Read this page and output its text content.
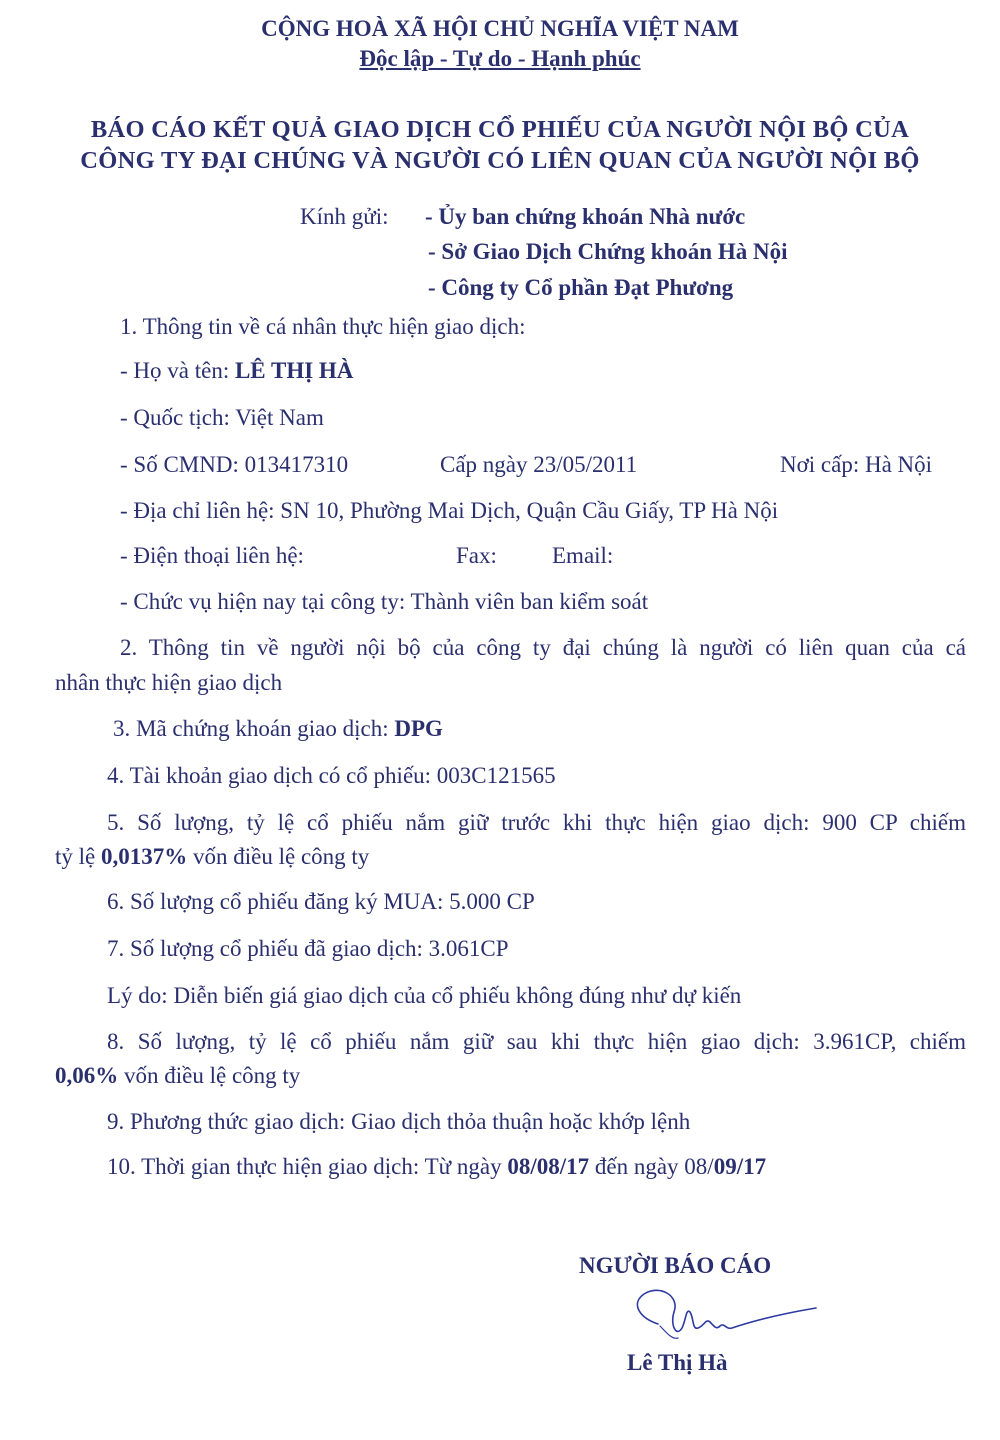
CỘNG HOÀ XÃ HỘI CHỦ NGHĨA VIỆT NAM
Độc lập - Tự do - Hạnh phúc
BÁO CÁO KẾT QUẢ GIAO DỊCH CỔ PHIẾU CỦA NGƯỜI NỘI BỘ CỦA
CÔNG TY ĐẠI CHÚNG VÀ NGƯỜI CÓ LIÊN QUAN CỦA NGƯỜI NỘI BỘ
Kính gửi: - Ủy ban chứng khoán Nhà nước
- Sở Giao Dịch Chứng khoán Hà Nội
- Công ty Cổ phần Đạt Phương
1. Thông tin về cá nhân thực hiện giao dịch:
- Họ và tên: LÊ THỊ HÀ
- Quốc tịch: Việt Nam
- Số CMND: 013417310	Cấp ngày 23/05/2011	Nơi cấp: Hà Nội
- Địa chỉ liên hệ: SN 10, Phường Mai Dịch, Quận Cầu Giấy, TP Hà Nội
- Điện thoại liên hệ:	Fax: Email:
- Chức vụ hiện nay tại công ty: Thành viên ban kiểm soát
2. Thông tin về người nội bộ của công ty đại chúng là người có liên quan của cá
nhân thực hiện giao dịch
3. Mã chứng khoán giao dịch: DPG
4. Tài khoản giao dịch có cổ phiếu: 003C121565
5. Số lượng, tỷ lệ cổ phiếu nắm giữ trước khi thực hiện giao dịch: 900 CP chiếm
tỷ lệ 0,0137% vốn điều lệ công ty
6. Số lượng cổ phiếu đăng ký MUA: 5.000 CP
7. Số lượng cổ phiếu đã giao dịch: 3.061CP
Lý do: Diễn biến giá giao dịch của cổ phiếu không đúng như dự kiến
8. Số lượng, tỷ lệ cổ phiếu nắm giữ sau khi thực hiện giao dịch: 3.961CP, chiếm
0,06% vốn điều lệ công ty
9. Phương thức giao dịch: Giao dịch thỏa thuận hoặc khớp lệnh
10. Thời gian thực hiện giao dịch: Từ ngày 08/08/17 đến ngày 08/09/17
NGƯỜI BÁO CÁO
Lê Thị Hà
